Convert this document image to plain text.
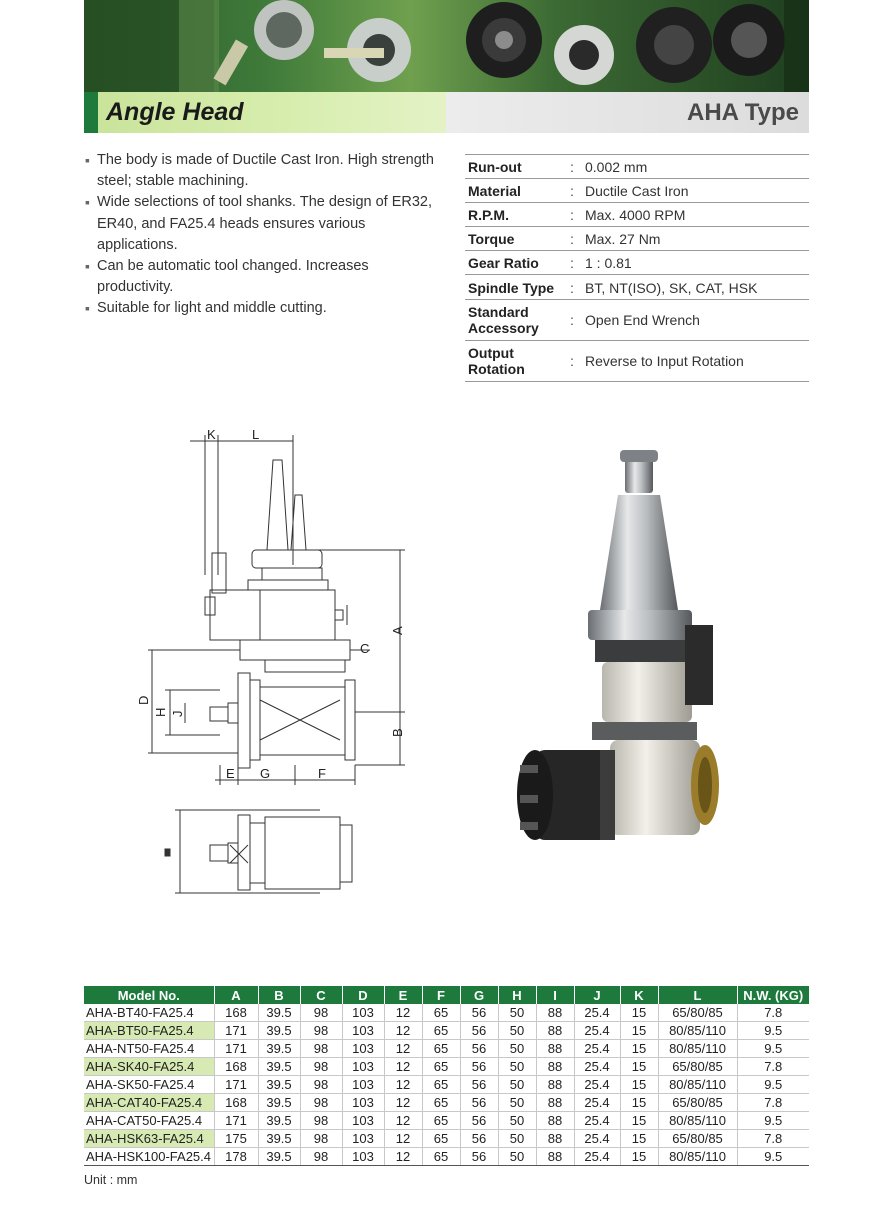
Angle Head	AHA Type
▪ The body is made of Ductile Cast Iron. High strength steel; stable machining.
▪ Wide selections of tool shanks. The design of ER32, ER40, and FA25.4 heads ensures various applications.
▪ Can be automatic tool changed. Increases productivity.
▪ Suitable for light and middle cutting.
Run-out	: 0.002 mm
Material	: Ductile Cast Iron
R.P.M.	: Max. 4000 RPM
Torque	: Max. 27 Nm
Gear Ratio : 1 : 0.81
Spindle Type : BT, NT(ISO), SK, CAT, HSK
Standard Accessory	: Open End Wrench
Output Rotation	: Reverse to Input Rotation
K	L
C
A
B
D
H J
E G	F
Model No.	A	B	C	D	E	F	G	H	I	J	K	L	N.W. (KG)
AHA-BT40-FA25.4	168	39.5	98	103	12	65	56	50	88	25.4	15	65/80/85	7.8
AHA-BT50-FA25.4	171	39.5	98	103	12	65	56	50	88	25.4	15	80/85/110	9.5
AHA-NT50-FA25.4	171	39.5	98	103	12	65	56	50	88	25.4	15	80/85/110	9.5
AHA-SK40-FA25.4	168	39.5	98	103	12	65	56	50	88	25.4	15	65/80/85	7.8
AHA-SK50-FA25.4	171	39.5	98	103	12	65	56	50	88	25.4	15	80/85/110	9.5
AHA-CAT40-FA25.4	168	39.5	98	103	12	65	56	50	88	25.4	15	65/80/85	7.8
AHA-CAT50-FA25.4	171	39.5	98	103	12	65	56	50	88	25.4	15	80/85/110	9.5
AHA-HSK63-FA25.4	175	39.5	98	103	12	65	56	50	88	25.4	15	65/80/85	7.8
AHA-HSK100-FA25.4	178	39.5	98	103	12	65	56	50	88	25.4	15	80/85/110	9.5
Unit : mm
